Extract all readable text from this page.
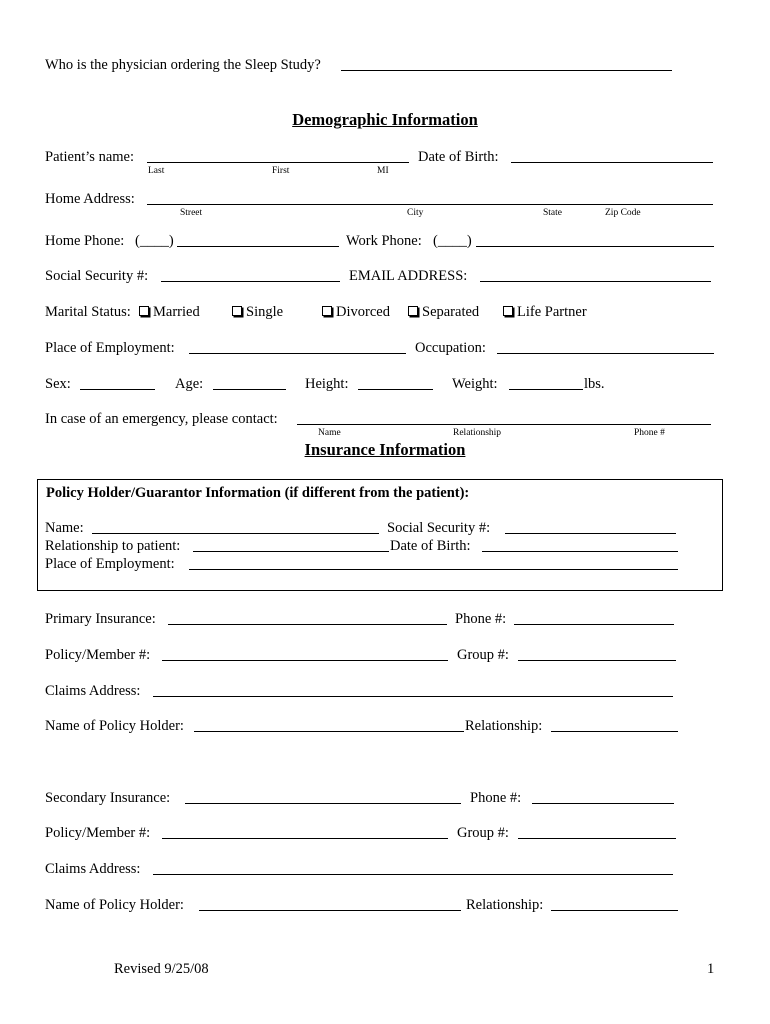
Who is the physician ordering the Sleep Study?
Demographic Information
Patient’s name:
Last	First	MI
Date of Birth:
Home Address:
Street	City	State	Zip Code
Home Phone: (____)	Work Phone: (____)
Social Security #:	EMAIL ADDRESS:
Marital Status:	Married	Single	Divorced	Separated	Life Partner
Place of Employment:	Occupation:
Sex:	Age:	Height:	Weight:	lbs.
In case of an emergency, please contact:
Name	Relationship	Phone #
Insurance Information
Policy Holder/Guarantor Information (if different from the patient):
Name:	Social Security #:
Relationship to patient:	Date of Birth:
Place of Employment:
Primary Insurance:	Phone #:
Policy/Member #:	Group #:
Claims Address:
Name of Policy Holder:	Relationship:
Secondary Insurance:	Phone #:
Policy/Member #:	Group #:
Claims Address:
Name of Policy Holder:	Relationship:
Revised 9/25/08	1
